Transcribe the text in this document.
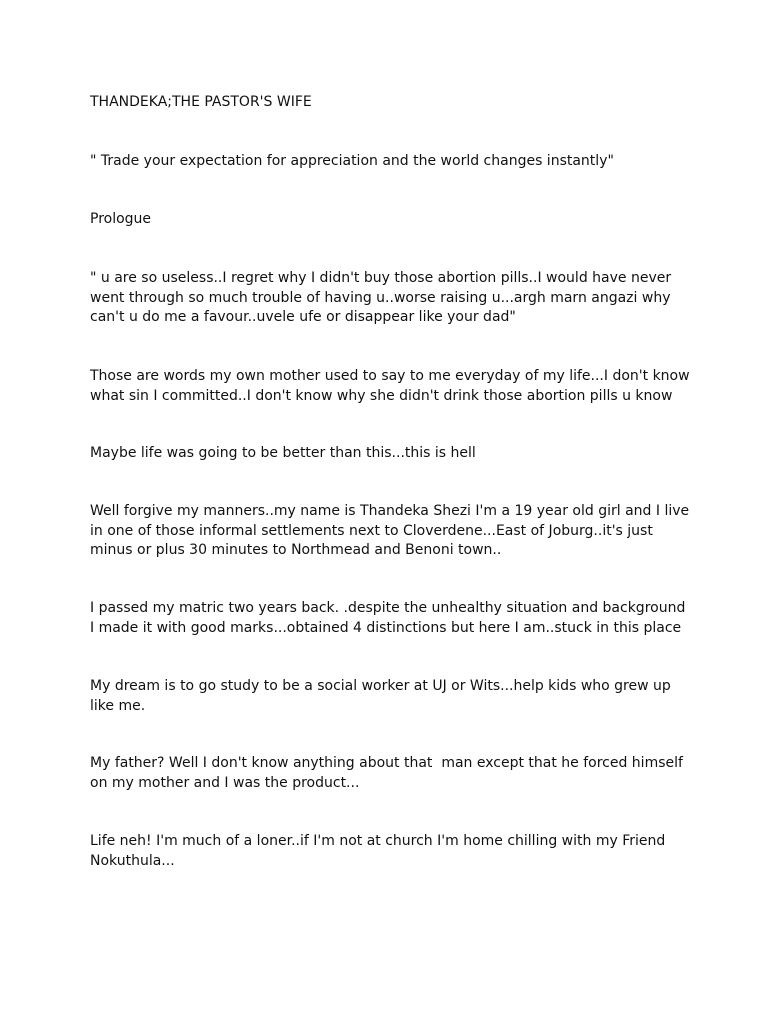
THANDEKA;THE PASTOR'S WIFE

" Trade your expectation for appreciation and the world changes instantly"

Prologue

" u are so useless..I regret why I didn't buy those abortion pills..I would have never went through so much trouble of having u..worse raising u...argh marn angazi why can't u do me a favour..uvele ufe or disappear like your dad"

Those are words my own mother used to say to me everyday of my life...I don't know what sin I committed..I don't know why she didn't drink those abortion pills u know

Maybe life was going to be better than this...this is hell

Well forgive my manners..my name is Thandeka Shezi I'm a 19 year old girl and I live in one of those informal settlements next to Cloverdene...East of Joburg..it's just minus or plus 30 minutes to Northmead and Benoni town..

I passed my matric two years back. .despite the unhealthy situation and background I made it with good marks...obtained 4 distinctions but here I am..stuck in this place

My dream is to go study to be a social worker at UJ or Wits...help kids who grew up like me.

My father? Well I don't know anything about that  man except that he forced himself on my mother and I was the product...

Life neh! I'm much of a loner..if I'm not at church I'm home chilling with my Friend Nokuthula...
